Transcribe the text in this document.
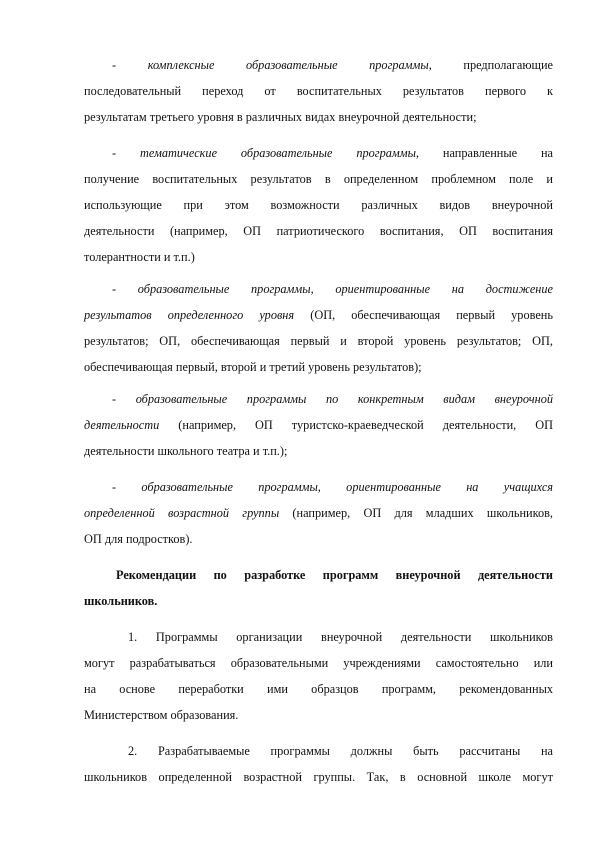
- комплексные образовательные программы, предполагающие
последовательный переход от воспитательных результатов первого к
результатам третьего уровня в различных видах внеурочной деятельности;
- тематические образовательные программы, направленные на
получение воспитательных результатов в определенном проблемном поле и
использующие при этом возможности различных видов внеурочной
деятельности (например, ОП патриотического воспитания, ОП воспитания
толерантности и т.п.)
- образовательные программы, ориентированные на достижение
результатов определенного уровня (ОП, обеспечивающая первый уровень
результатов; ОП, обеспечивающая первый и второй уровень результатов; ОП,
обеспечивающая первый, второй и третий уровень результатов);
- образовательные программы по конкретным видам внеурочной
деятельности (например, ОП туристско-краеведческой деятельности, ОП
деятельности школьного театра и т.п.);
- образовательные программы, ориентированные на учащихся
определенной возрастной группы (например, ОП для младших школьников,
ОП для подростков).
Рекомендации по разработке программ внеурочной деятельности
школьников.
1. Программы организации внеурочной деятельности школьников
могут разрабатываться образовательными учреждениями самостоятельно или
на основе переработки ими образцов программ, рекомендованных
Министерством образования.
2. Разрабатываемые программы должны быть рассчитаны на
школьников определенной возрастной группы. Так, в основной школе могут
